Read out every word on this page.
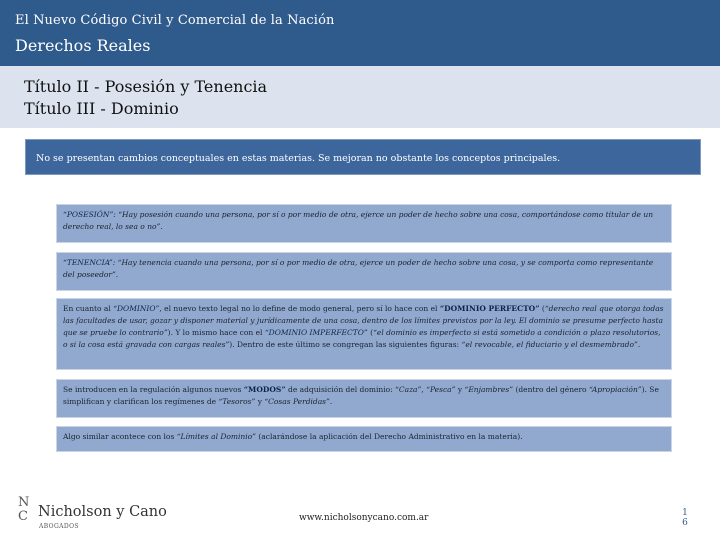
El Nuevo Código Civil y Comercial de la Nación
Derechos Reales
Título II - Posesión y Tenencia
Título III - Dominio
No se presentan cambios conceptuales en estas materias. Se mejoran no obstante los conceptos principales.
“POSESIÓN”: “Hay posesión cuando una persona, por sí o por medio de otra, ejerce un poder de hecho sobre una cosa, comportándose como titular de un derecho real, lo sea o no”.
“TENENCIA”: “Hay tenencia cuando una persona, por sí o por medio de otra, ejerce un poder de hecho sobre una cosa, y se comporta como representante del poseedor”.
En cuanto al “DOMINIO”, el nuevo texto legal no lo define de modo general, pero sí lo hace con el “DOMINIO PERFECTO” (“derecho real que otorga todas las facultades de usar, gozar y disponer material y jurídicamente de una cosa, dentro de los límites previstos por la ley. El dominio se presume perfecto hasta que se pruebe lo contrario”). Y lo mismo hace con el “DOMINIO IMPERFECTO” (“el dominio es imperfecto si está sometido a condición o plazo resolutorios, o si la cosa está gravada con cargas reales”). Dentro de este último se congregan las siguientes figuras: “el revocable, el fiduciario y el desmembrado”.
Se introducen en la regulación algunos nuevos “MODOS” de adquisición del dominio: “Caza”, “Pesca” y “Enjambres” (dentro del género “Apropiación”). Se simplifican y clarifican los regímenes de “Tesoros” y “Cosas Perdidas”.
Algo similar acontece con los “Límites al Dominio” (aclarándose la aplicación del Derecho Administrativo en la materia).
N
C Nicholson y Cano
ABOGADOS
www.nicholsonycano.com.ar	1
6
